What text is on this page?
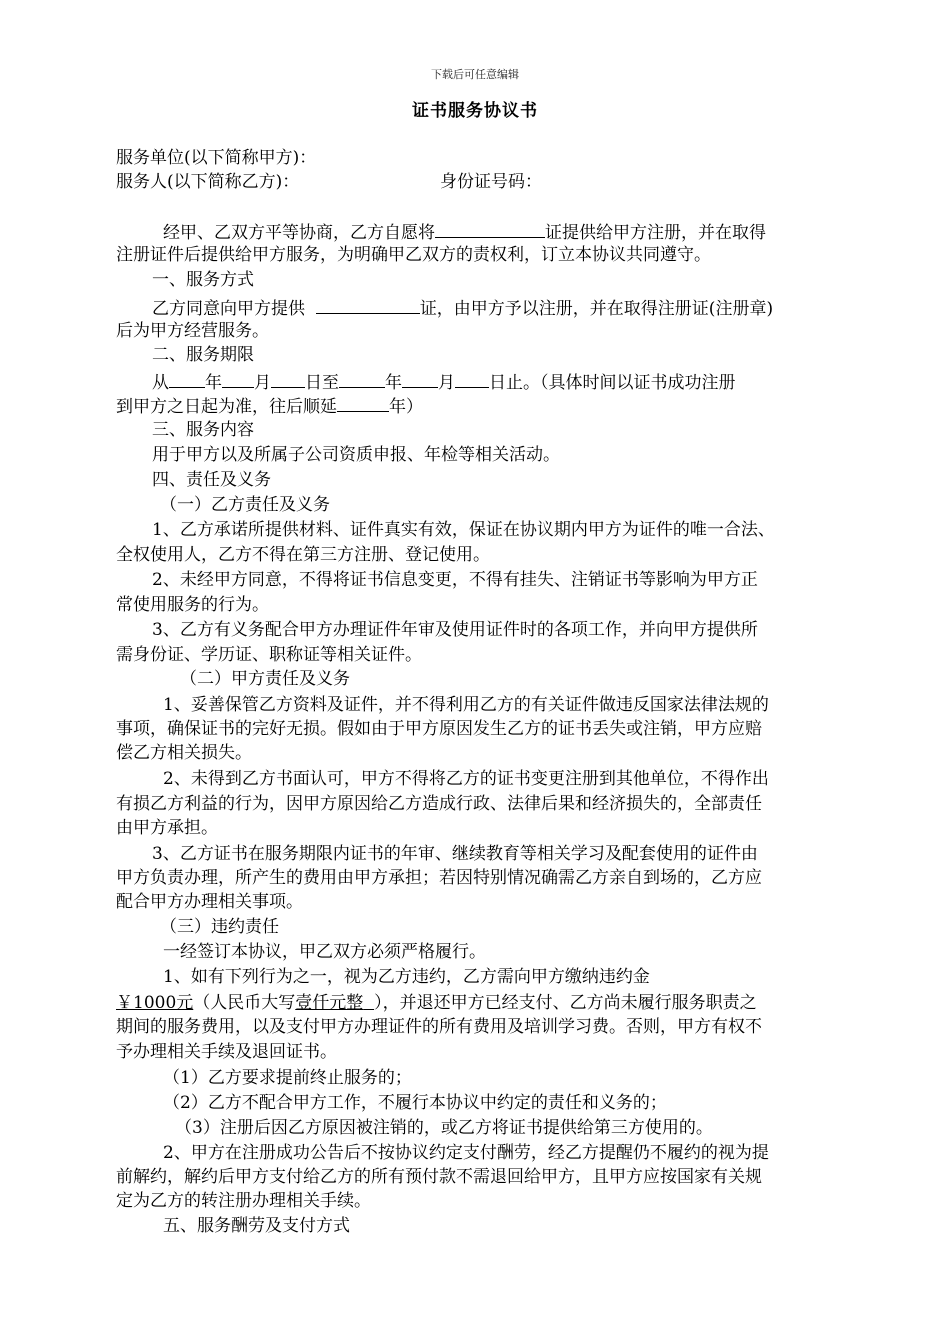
下载后可任意编辑
证书服务协议书
服务单位(以下简称甲方)：
服务人(以下简称乙方)：	身份证号码：
经甲、乙双方平等协商，乙方自愿将	证提供给甲方注册，并在取得
注册证件后提供给甲方服务，为明确甲乙双方的责权利，订立本协议共同遵守。
一、服务方式
乙方同意向甲方提供	证，由甲方予以注册，并在取得注册证(注册章)
后为甲方经营服务。
二、服务期限
从 年 月 日至	年 月 日止。（具体时间以证书成功注册
到甲方之日起为准，往后顺延	年）
三、服务内容
用于甲方以及所属子公司资质申报、年检等相关活动。
四、责任及义务
（一）乙方责任及义务
1、乙方承诺所提供材料、证件真实有效，保证在协议期内甲方为证件的唯一合法、
全权使用人，乙方不得在第三方注册、登记使用。
2、未经甲方同意，不得将证书信息变更，不得有挂失、注销证书等影响为甲方正
常使用服务的行为。
3、乙方有义务配合甲方办理证件年审及使用证件时的各项工作，并向甲方提供所
需身份证、学历证、职称证等相关证件。
（二）甲方责任及义务
1、妥善保管乙方资料及证件，并不得利用乙方的有关证件做违反国家法律法规的
事项，确保证书的完好无损。假如由于甲方原因发生乙方的证书丢失或注销，甲方应赔
偿乙方相关损失。
2、未得到乙方书面认可，甲方不得将乙方的证书变更注册到其他单位，不得作出
有损乙方利益的行为，因甲方原因给乙方造成行政、法律后果和经济损失的，全部责任
由甲方承担。
3、乙方证书在服务期限内证书的年审、继续教育等相关学习及配套使用的证件由
甲方负责办理，所产生的费用由甲方承担；若因特别情况确需乙方亲自到场的，乙方应
配合甲方办理相关事项。
（三）违约责任
一经签订本协议，甲乙双方必须严格履行。
1、如有下列行为之一，视为乙方违约，乙方需向甲方缴纳违约金
￥1000元（人民币大写壹仟元整 ），并退还甲方已经支付、乙方尚未履行服务职责之
期间的服务费用，以及支付甲方办理证件的所有费用及培训学习费。否则，甲方有权不
予办理相关手续及退回证书。
（1）乙方要求提前终止服务的；
（2）乙方不配合甲方工作，不履行本协议中约定的责任和义务的；
（3）注册后因乙方原因被注销的，或乙方将证书提供给第三方使用的。
2、甲方在注册成功公告后不按协议约定支付酬劳，经乙方提醒仍不履约的视为提
前解约，解约后甲方支付给乙方的所有预付款不需退回给甲方，且甲方应按国家有关规
定为乙方的转注册办理相关手续。
五、服务酬劳及支付方式
